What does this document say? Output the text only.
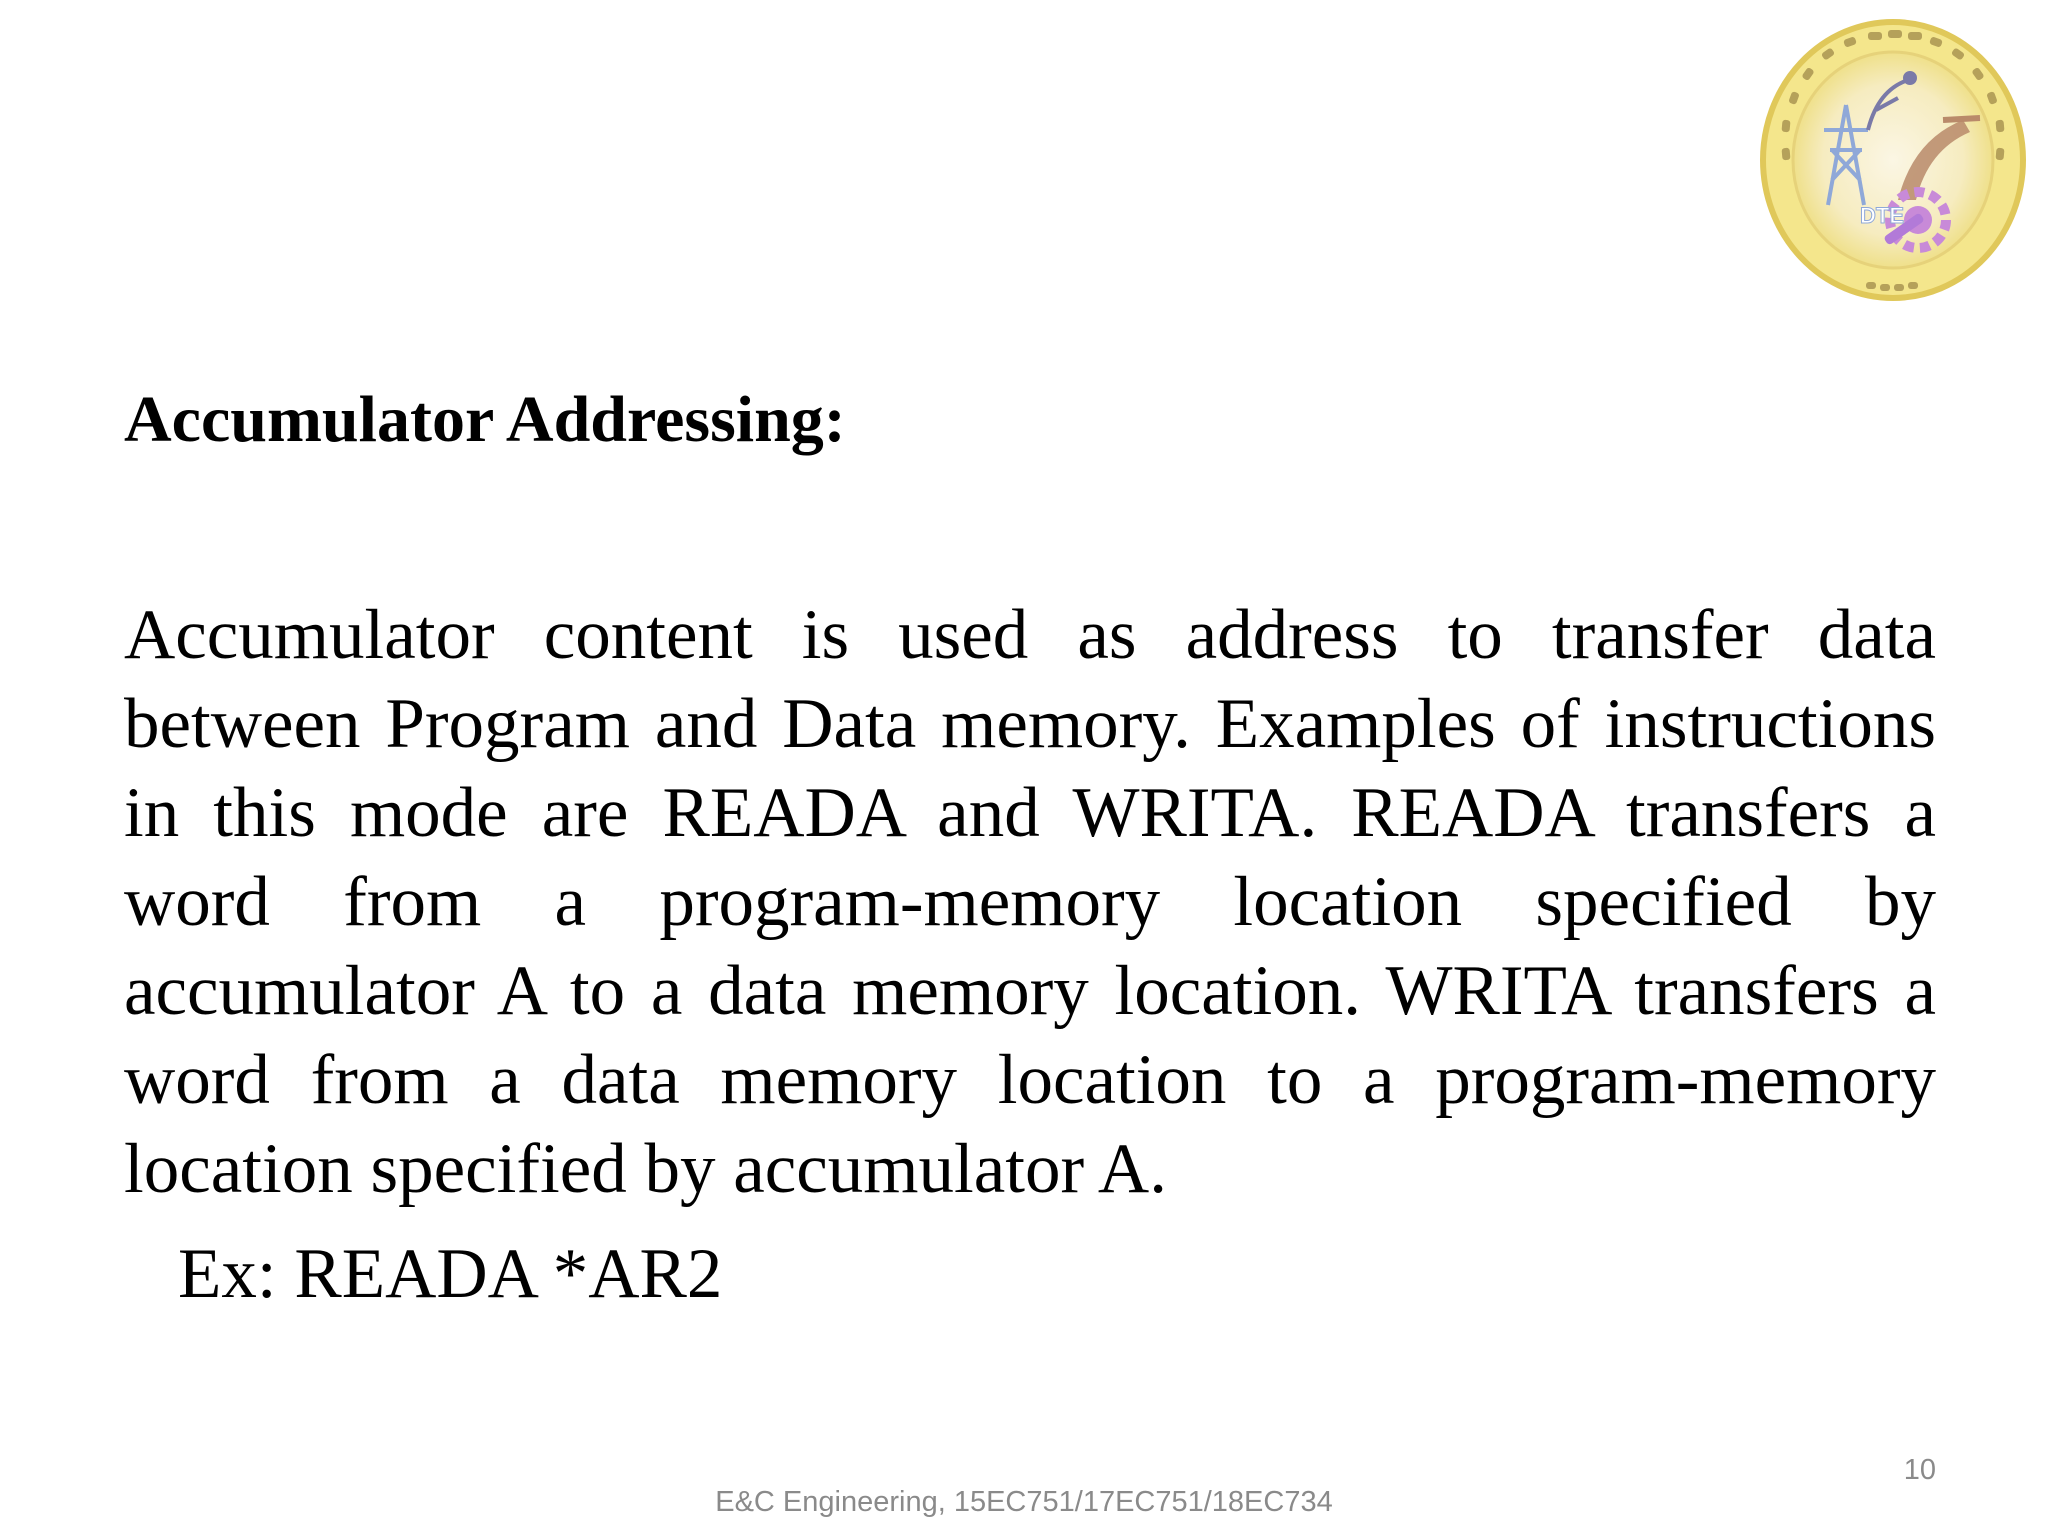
DTE
Accumulator Addressing:

Accumulator content is used as address to transfer data between Program and Data memory. Examples of instructions in this mode are READA and WRITA. READA transfers a word from a program-memory location specified by accumulator A to a data memory location. WRITA transfers a word from a data memory location to a program-memory location specified by accumulator A.

Ex: READA *AR2

E&C Engineering, 15EC751/17EC751/18EC734
10
